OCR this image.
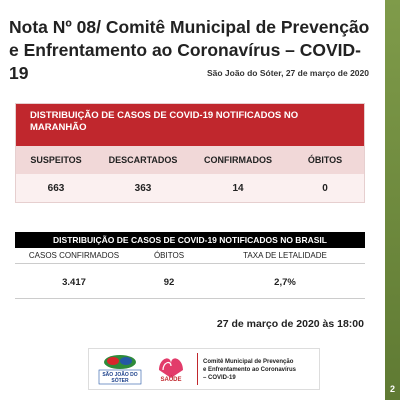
2
Nota Nº 08/ Comitê Municipal de Prevenção
e Enfrentamento ao Coronavírus – COVID-19	São João do Sóter, 27 de março de 2020
DISTRIBUIÇÃO DE CASOS DE COVID-19 NOTIFICADOS NO MARANHÃO
SUSPEITOS	DESCARTADOS	CONFIRMADOS	ÓBITOS
663	363	14	0
DISTRIBUIÇÃO DE CASOS DE COVID-19 NOTIFICADOS NO BRASIL
CASOS CONFIRMADOS	ÓBITOS	TAXA DE LETALIDADE
3.417	92	2,7%
27 de março de 2020 às 18:00
SÃO JOÃO DO SÓTER	SAÚDE
Comitê Municipal de Prevenção
e Enfrentamento ao Coronavírus
– COVID-19
